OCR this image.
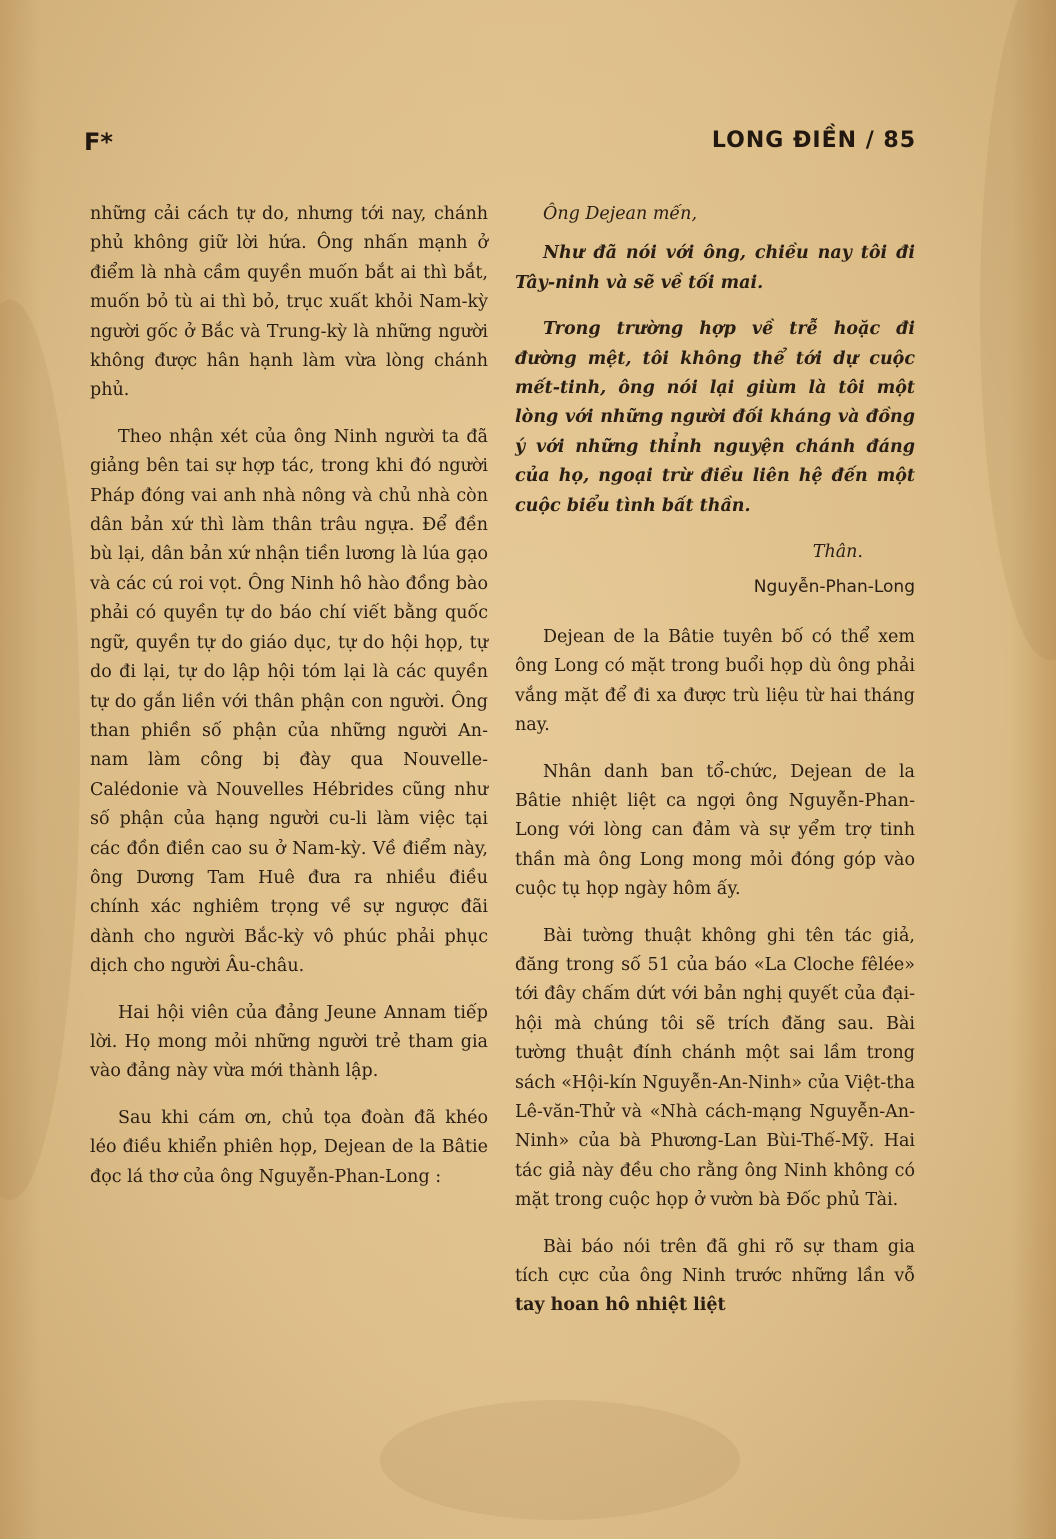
F*	LONG ĐIỀN / 85

những cải cách tự do, nhưng tới nay, chánh phủ không giữ lời hứa. Ông nhấn mạnh ở điểm là nhà cầm quyền muốn bắt ai thì bắt, muốn bỏ tù ai thì bỏ, trục xuất khỏi Nam-kỳ người gốc ở Bắc và Trung-kỳ là những người không được hân hạnh làm vừa lòng chánh phủ.

Theo nhận xét của ông Ninh người ta đã giảng bên tai sự hợp tác, trong khi đó người Pháp đóng vai anh nhà nông và chủ nhà còn dân bản xứ thì làm thân trâu ngựa. Để đền bù lại, dân bản xứ nhận tiền lương là lúa gạo và các cú roi vọt. Ông Ninh hô hào đồng bào phải có quyền tự do báo chí viết bằng quốc ngữ, quyền tự do giáo dục, tự do hội họp, tự do đi lại, tự do lập hội tóm lại là các quyền tự do gắn liền với thân phận con người. Ông than phiền số phận của những người An-nam làm công bị đày qua Nouvelle-Calédonie và Nouvelles Hébrides cũng như số phận của hạng người cu-li làm việc tại các đồn điền cao su ở Nam-kỳ. Về điểm này, ông Dương Tam Huê đưa ra nhiều điều chính xác nghiêm trọng về sự ngược đãi dành cho người Bắc-kỳ vô phúc phải phục dịch cho người Âu-châu.

Hai hội viên của đảng Jeune Annam tiếp lời. Họ mong mỏi những người trẻ tham gia vào đảng này vừa mới thành lập.

Sau khi cám ơn, chủ tọa đoàn đã khéo léo điều khiển phiên họp, Dejean de la Bâtie đọc lá thơ của ông Nguyễn-Phan-Long :

Ông Dejean mến,

Như đã nói với ông, chiều nay tôi đi Tây-ninh và sẽ về tối mai.

Trong trường hợp về trễ hoặc đi đường mệt, tôi không thể tới dự cuộc mết-tinh, ông nói lại giùm là tôi một lòng với những người đối kháng và đồng ý với những thỉnh nguyện chánh đáng của họ, ngoại trừ điều liên hệ đến một cuộc biểu tình bất thần.

Thân.

Nguyễn-Phan-Long

Dejean de la Bâtie tuyên bố có thể xem ông Long có mặt trong buổi họp dù ông phải vắng mặt để đi xa được trù liệu từ hai tháng nay.

Nhân danh ban tổ-chức, Dejean de la Bâtie nhiệt liệt ca ngợi ông Nguyễn-Phan-Long với lòng can đảm và sự yểm trợ tinh thần mà ông Long mong mỏi đóng góp vào cuộc tụ họp ngày hôm ấy.

Bài tường thuật không ghi tên tác giả, đăng trong số 51 của báo «La Cloche fêlée» tới đây chấm dứt với bản nghị quyết của đại-hội mà chúng tôi sẽ trích đăng sau. Bài tường thuật đính chánh một sai lầm trong sách «Hội-kín Nguyễn-An-Ninh» của Việt-tha Lê-văn-Thử và «Nhà cách-mạng Nguyễn-An-Ninh» của bà Phương-Lan Bùi-Thế-Mỹ. Hai tác giả này đều cho rằng ông Ninh không có mặt trong cuộc họp ở vườn bà Đốc phủ Tài.

Bài báo nói trên đã ghi rõ sự tham gia tích cực của ông Ninh trước những lần vỗ tay hoan hô nhiệt liệt
